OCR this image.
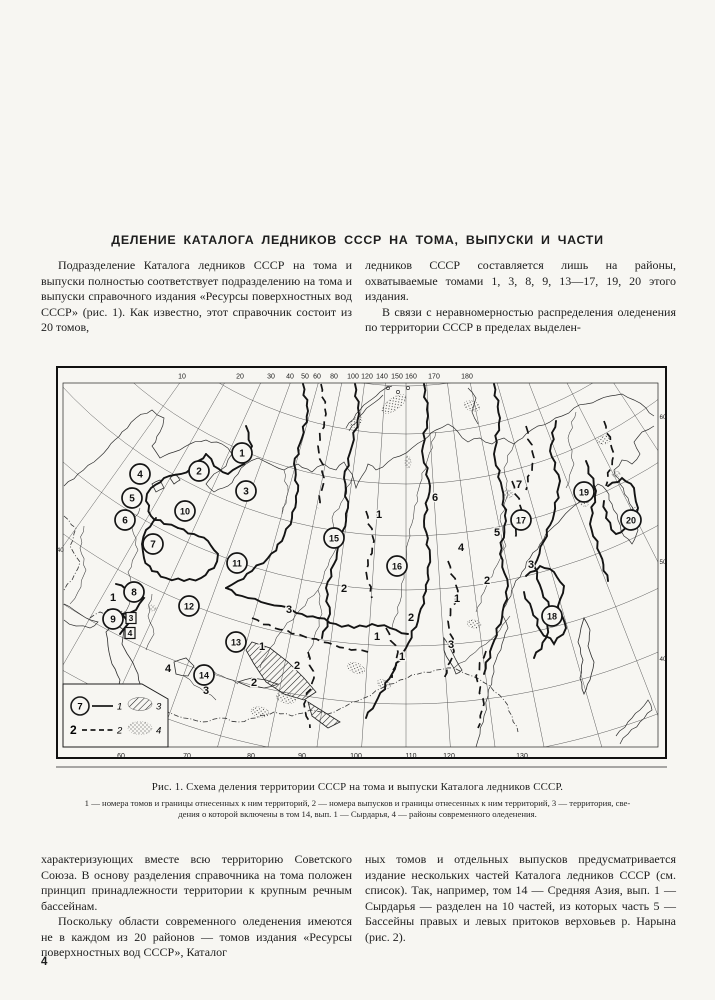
ДЕЛЕНИЕ КАТАЛОГА ЛЕДНИКОВ СССР НА ТОМА, ВЫПУСКИ И ЧАСТИ

Подразделение Каталога ледников СССР на тома и выпуски полностью соответствует подразделению на тома и выпуски справочного издания «Ресурсы поверхностных вод СССР» (рис. 1). Как известно, этот справочник состоит из 20 томов,

ледников СССР составляется лишь на районы, охватываемые томами 1, 3, 8, 9, 13—17, 19, 20 этого издания.

В связи с неравномерностью распределения оледенения по территории СССР в пределах выделен-

10	20	30 40 50 60 80 100 120 140 150 160 170	180
60	70	80	90	100	110	120	130
60
50
40
40
1
6
7
5
4
3
2
2
1
2
1
3
3
1
2
2
1
4
3
1
3
4
1
2
3
4
5
6
7
8
9
10
11
12
13
14
15
16
17
18
19
20
7	1	3
2	2	4
Рис. 1. Схема деления территории СССР на тома и выпуски Каталога ледников СССР.
1 — номера томов и границы отнесенных к ним территорий, 2 — номера выпусков и границы отнесенных к ним территорий, 3 — территория, све-
дения о которой включены в том 14, вып. 1 — Сырдарья, 4 — районы современного оледенения.

характеризующих вместе всю территорию Советского Союза. В основу разделения справочника на тома положен принцип принадлежности территории к крупным речным бассейнам.

Поскольку области современного оледенения имеются не в каждом из 20 районов — томов издания «Ресурсы поверхностных вод СССР», Каталог

ных томов и отдельных выпусков предусматривается издание нескольких частей Каталога ледников СССР (см. список). Так, например, том 14 — Средняя Азия, вып. 1 — Сырдарья — разделен на 10 частей, из которых часть 5 — Бассейны правых и левых притоков верховьев р. Нарына (рис. 2).

4
